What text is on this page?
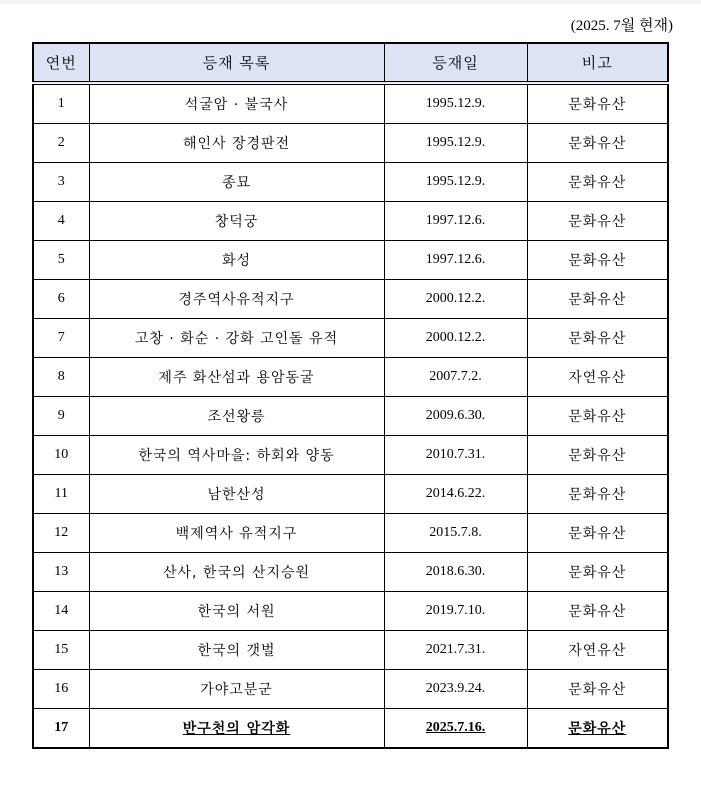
(2025. 7월 현재)
연번	등재 목록	등재일	비고
1	석굴암 · 불국사	1995.12.9.	문화유산
2	해인사 장경판전	1995.12.9.	문화유산
3	종묘	1995.12.9.	문화유산
4	창덕궁	1997.12.6.	문화유산
5	화성	1997.12.6.	문화유산
6	경주역사유적지구	2000.12.2.	문화유산
7	고창 · 화순 · 강화 고인돌 유적	2000.12.2.	문화유산
8	제주 화산섬과 용암동굴	2007.7.2.	자연유산
9	조선왕릉	2009.6.30.	문화유산
10	한국의 역사마을: 하회와 양동	2010.7.31.	문화유산
11	남한산성	2014.6.22.	문화유산
12	백제역사 유적지구	2015.7.8.	문화유산
13	산사, 한국의 산지승원	2018.6.30.	문화유산
14	한국의 서원	2019.7.10.	문화유산
15	한국의 갯벌	2021.7.31.	자연유산
16	가야고분군	2023.9.24.	문화유산
17	반구천의 암각화	2025.7.16.	문화유산
